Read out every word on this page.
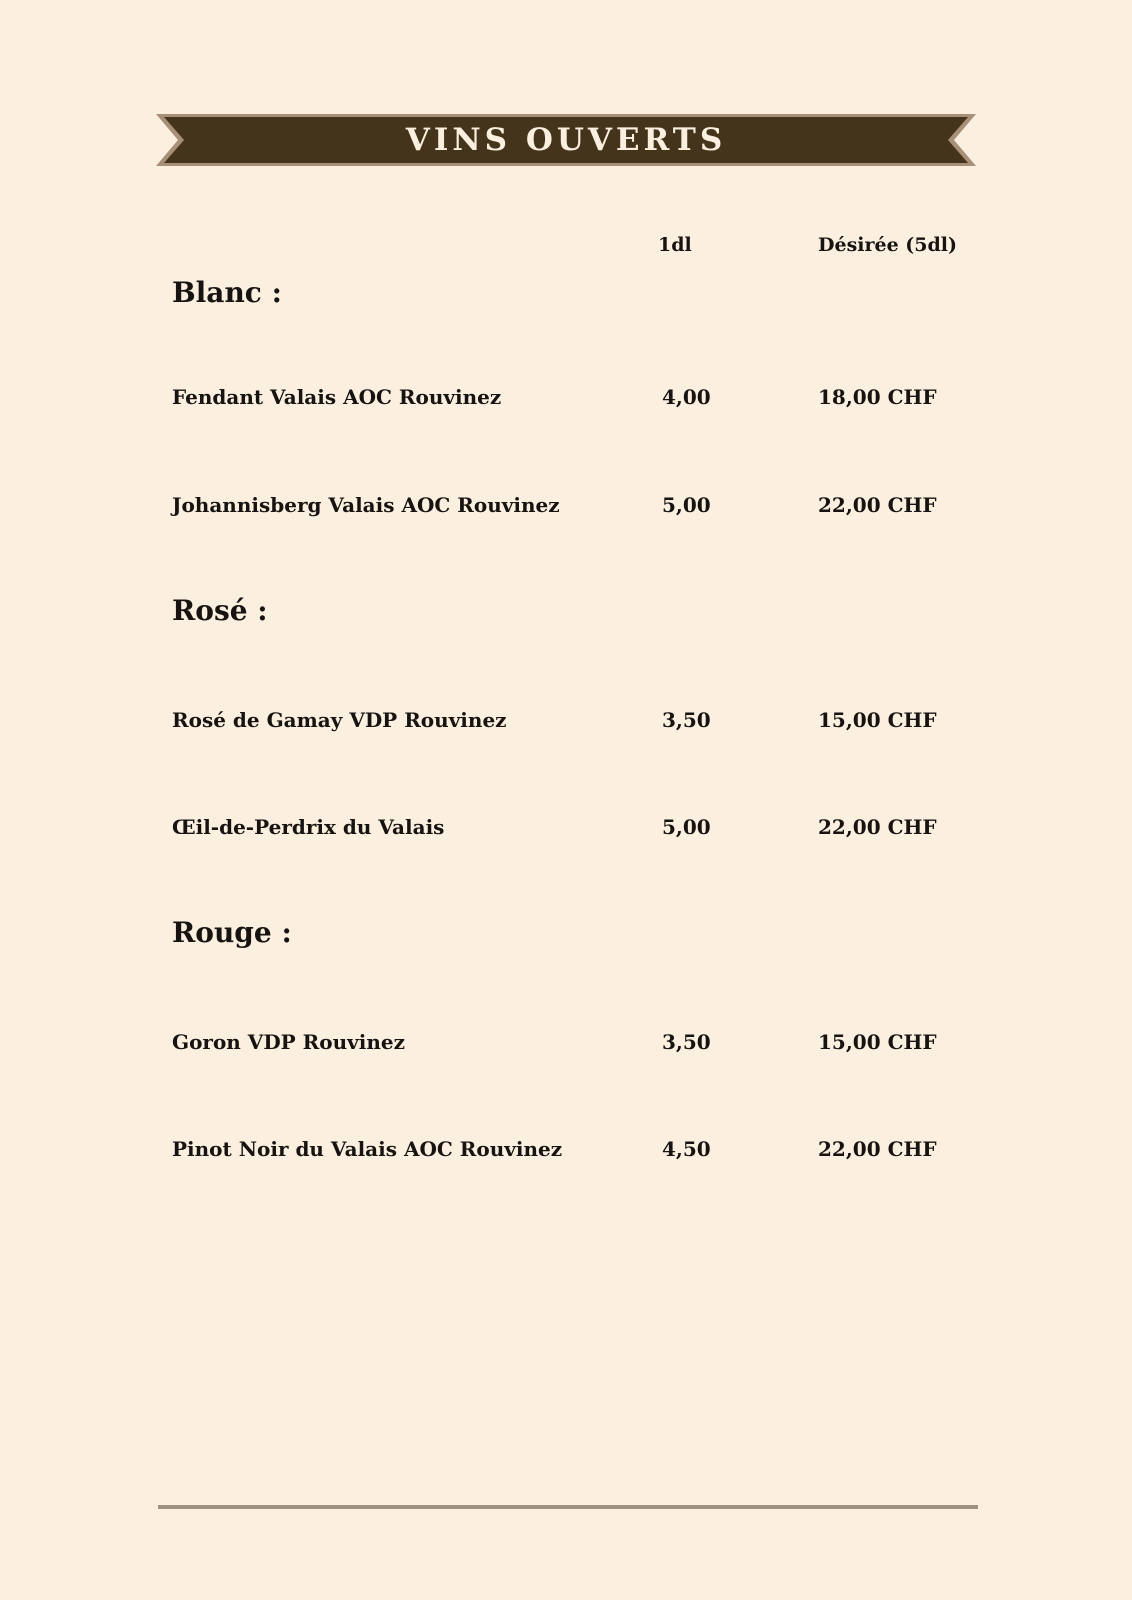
VINS OUVERTS
1dl	Désirée (5dl)
Blanc :
Fendant Valais AOC Rouvinez	4,00	18,00 CHF
Johannisberg Valais AOC Rouvinez	5,00	22,00 CHF
Rosé :
Rosé de Gamay VDP Rouvinez	3,50	15,00 CHF
Œil-de-Perdrix du Valais	5,00	22,00 CHF
Rouge :
Goron VDP Rouvinez	3,50	15,00 CHF
Pinot Noir du Valais AOC Rouvinez	4,50	22,00 CHF
